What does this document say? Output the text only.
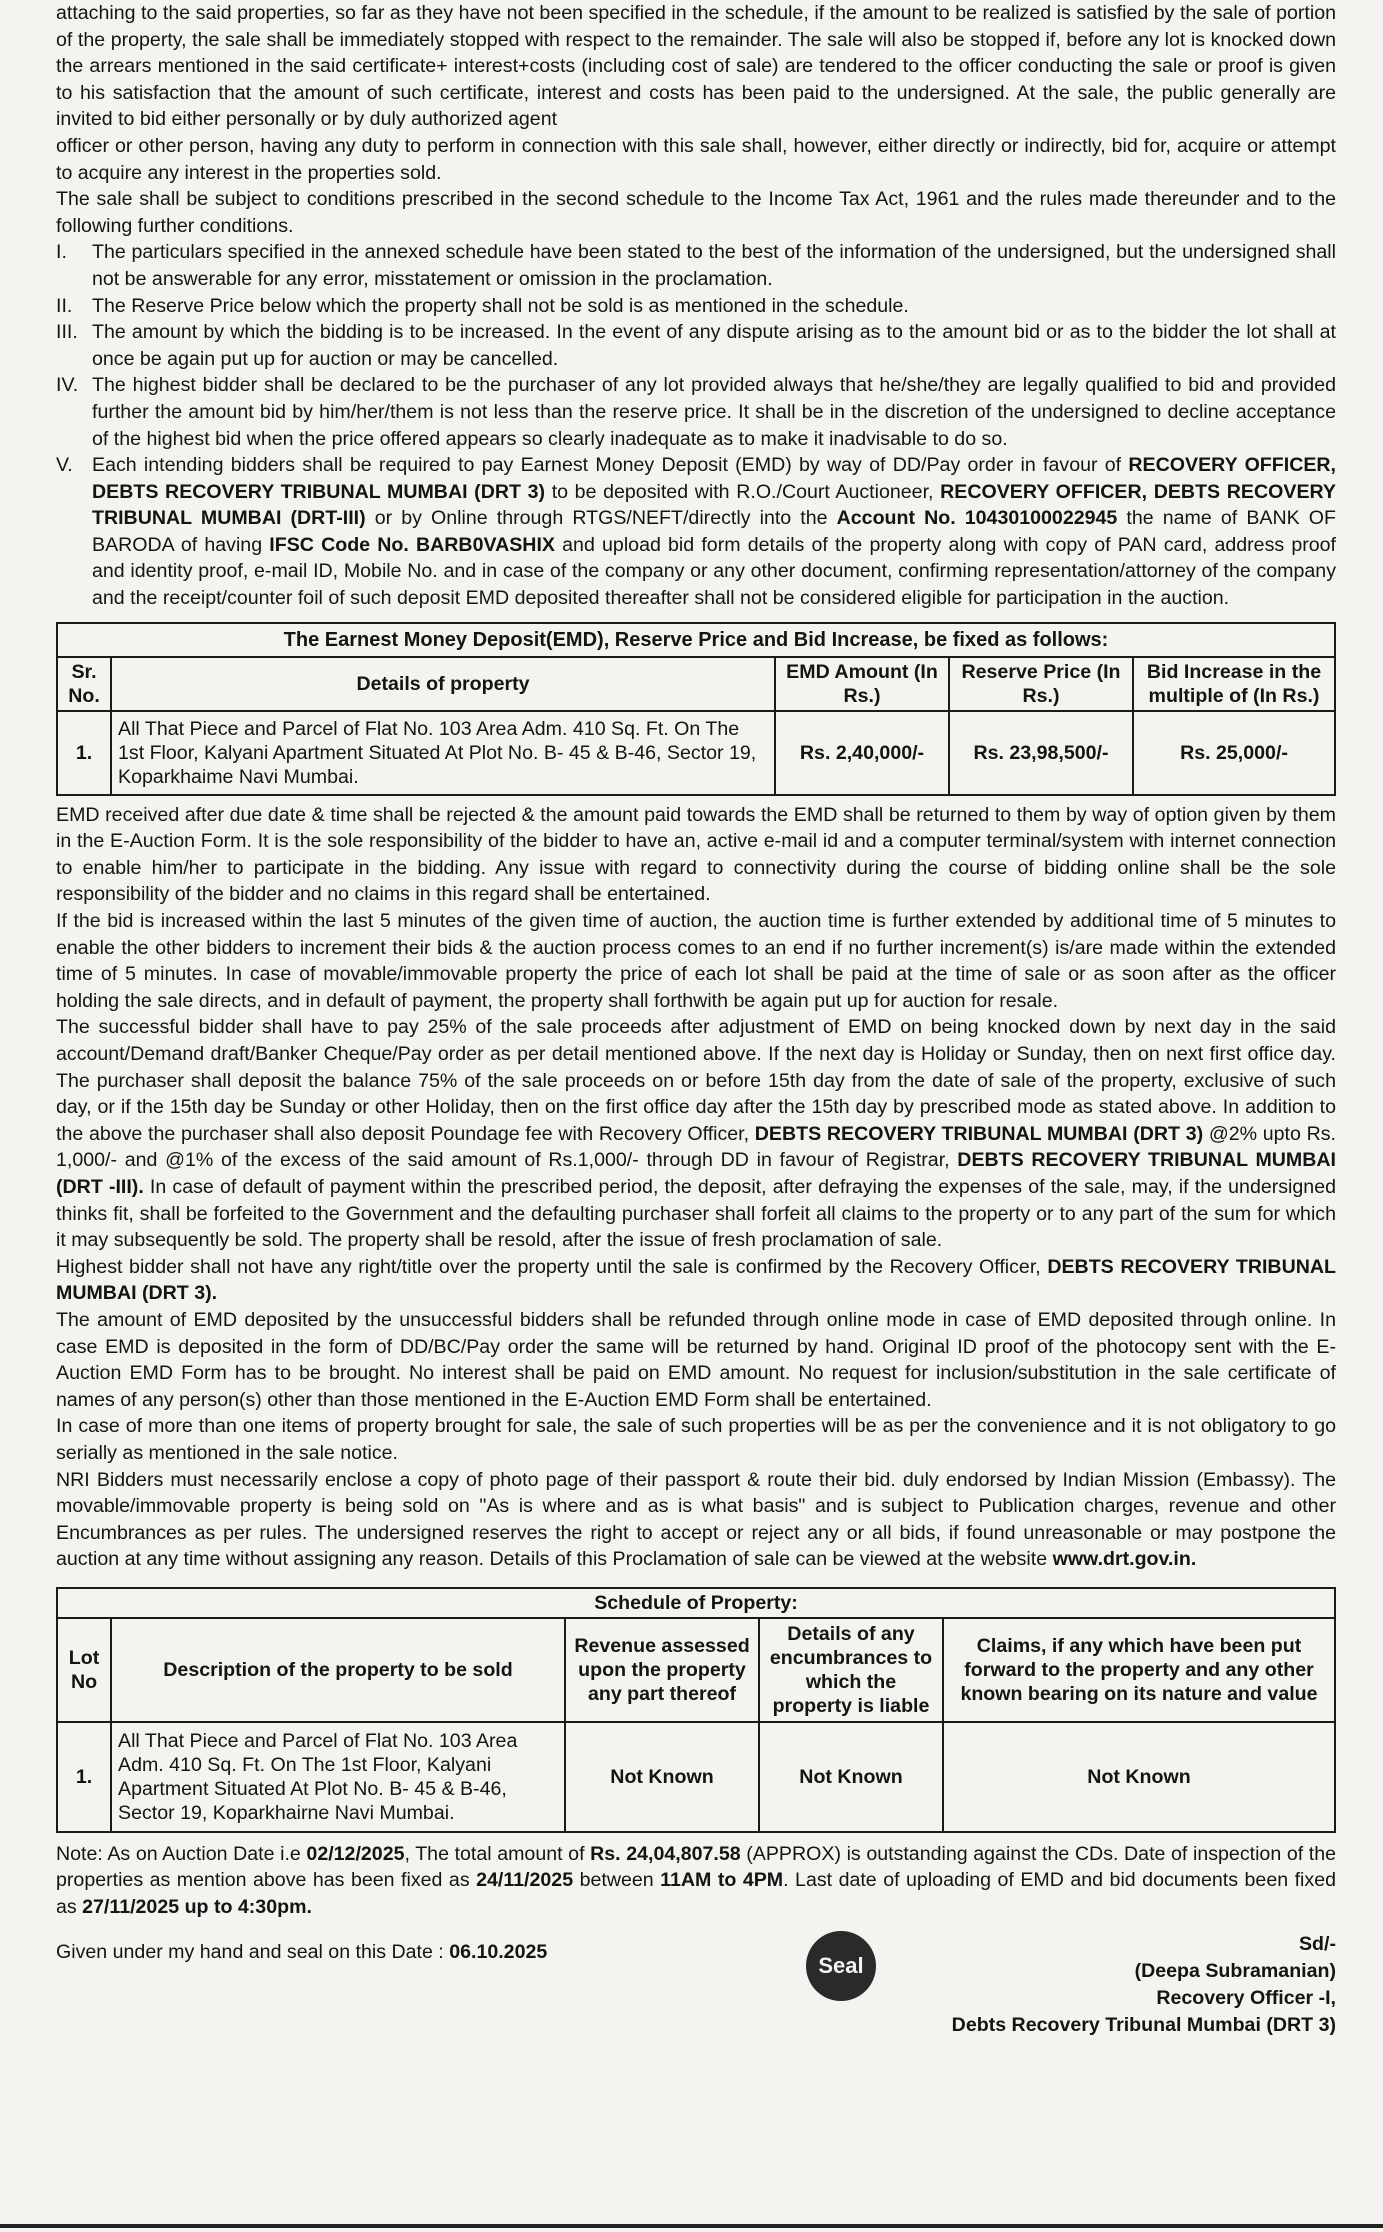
attaching to the said properties, so far as they have not been specified in the schedule, if the amount to be realized is satisfied by the sale of portion of the property, the sale shall be immediately stopped with respect to the remainder. The sale will also be stopped if, before any lot is knocked down the arrears mentioned in the said certificate+ interest+costs (including cost of sale) are tendered to the officer conducting the sale or proof is given to his satisfaction that the amount of such certificate, interest and costs has been paid to the undersigned. At the sale, the public generally are invited to bid either personally or by duly authorized agent

officer or other person, having any duty to perform in connection with this sale shall, however, either directly or indirectly, bid for, acquire or attempt to acquire any interest in the properties sold.

The sale shall be subject to conditions prescribed in the second schedule to the Income Tax Act, 1961 and the rules made thereunder and to the following further conditions.

I.	The particulars specified in the annexed schedule have been stated to the best of the information of the undersigned, but the undersigned shall not be answerable for any error, misstatement or omission in the proclamation.
II.	The Reserve Price below which the property shall not be sold is as mentioned in the schedule.
III. The amount by which the bidding is to be increased. In the event of any dispute arising as to the amount bid or as to the bidder the lot shall at once be again put up for auction or may be cancelled.
IV. The highest bidder shall be declared to be the purchaser of any lot provided always that he/she/they are legally qualified to bid and provided further the amount bid by him/her/them is not less than the reserve price. It shall be in the discretion of the undersigned to decline acceptance of the highest bid when the price offered appears so clearly inadequate as to make it inadvisable to do so.
V. Each intending bidders shall be required to pay Earnest Money Deposit (EMD) by way of DD/Pay order in favour of RECOVERY OFFICER, DEBTS RECOVERY TRIBUNAL MUMBAI (DRT 3) to be deposited with R.O./Court Auctioneer, RECOVERY OFFICER, DEBTS RECOVERY TRIBUNAL MUMBAI (DRT-III) or by Online through RTGS/NEFT/directly into the Account No. 10430100022945 the name of BANK OF BARODA of having IFSC Code No. BARB0VASHIX and upload bid form details of the property along with copy of PAN card, address proof and identity proof, e-mail ID, Mobile No. and in case of the company or any other document, confirming representation/attorney of the company and the receipt/counter foil of such deposit EMD deposited thereafter shall not be considered eligible for participation in the auction.
The Earnest Money Deposit(EMD), Reserve Price and Bid Increase, be fixed as follows:				
Sr. No.	Details of property	EMD Amount (In Rs.)	Reserve Price (In Rs.)	Bid Increase in the multiple of (In Rs.)
1.	All That Piece and Parcel of Flat No. 103 Area Adm. 410 Sq. Ft. On The 1st Floor, Kalyani Apartment Situated At Plot No. B- 45 & B-46, Sector 19, Koparkhaime Navi Mumbai.	Rs. 2,40,000/-	Rs. 23,98,500/-	Rs. 25,000/-

EMD received after due date & time shall be rejected & the amount paid towards the EMD shall be returned to them by way of option given by them in the E-Auction Form. It is the sole responsibility of the bidder to have an, active e-mail id and a computer terminal/system with internet connection to enable him/her to participate in the bidding. Any issue with regard to connectivity during the course of bidding online shall be the sole responsibility of the bidder and no claims in this regard shall be entertained.

If the bid is increased within the last 5 minutes of the given time of auction, the auction time is further extended by additional time of 5 minutes to enable the other bidders to increment their bids & the auction process comes to an end if no further increment(s) is/are made within the extended time of 5 minutes. In case of movable/immovable property the price of each lot shall be paid at the time of sale or as soon after as the officer holding the sale directs, and in default of payment, the property shall forthwith be again put up for auction for resale.

The successful bidder shall have to pay 25% of the sale proceeds after adjustment of EMD on being knocked down by next day in the said account/Demand draft/Banker Cheque/Pay order as per detail mentioned above. If the next day is Holiday or Sunday, then on next first office day. The purchaser shall deposit the balance 75% of the sale proceeds on or before 15th day from the date of sale of the property, exclusive of such day, or if the 15th day be Sunday or other Holiday, then on the first office day after the 15th day by prescribed mode as stated above. In addition to the above the purchaser shall also deposit Poundage fee with Recovery Officer, DEBTS RECOVERY TRIBUNAL MUMBAI (DRT 3) @2% upto Rs. 1,000/- and @1% of the excess of the said amount of Rs.1,000/- through DD in favour of Registrar, DEBTS RECOVERY TRIBUNAL MUMBAI (DRT -III). In case of default of payment within the prescribed period, the deposit, after defraying the expenses of the sale, may, if the undersigned thinks fit, shall be forfeited to the Government and the defaulting purchaser shall forfeit all claims to the property or to any part of the sum for which it may subsequently be sold. The property shall be resold, after the issue of fresh proclamation of sale.

Highest bidder shall not have any right/title over the property until the sale is confirmed by the Recovery Officer, DEBTS RECOVERY TRIBUNAL MUMBAI (DRT 3).

The amount of EMD deposited by the unsuccessful bidders shall be refunded through online mode in case of EMD deposited through online. In case EMD is deposited in the form of DD/BC/Pay order the same will be returned by hand. Original ID proof of the photocopy sent with the E-Auction EMD Form has to be brought. No interest shall be paid on EMD amount. No request for inclusion/substitution in the sale certificate of names of any person(s) other than those mentioned in the E-Auction EMD Form shall be entertained.

In case of more than one items of property brought for sale, the sale of such properties will be as per the convenience and it is not obligatory to go serially as mentioned in the sale notice.

NRI Bidders must necessarily enclose a copy of photo page of their passport & route their bid. duly endorsed by Indian Mission (Embassy). The movable/immovable property is being sold on "As is where and as is what basis" and is subject to Publication charges, revenue and other Encumbrances as per rules. The undersigned reserves the right to accept or reject any or all bids, if found unreasonable or may postpone the auction at any time without assigning any reason. Details of this Proclamation of sale can be viewed at the website www.drt.gov.in.

Schedule of Property:				
Lot No	Description of the property to be sold	Revenue assessed upon the property any part thereof	Details of any encumbrances to which the property is liable	Claims, if any which have been put forward to the property and any other known bearing on its nature and value
1.	All That Piece and Parcel of Flat No. 103 Area Adm. 410 Sq. Ft. On The 1st Floor, Kalyani Apartment Situated At Plot No. B- 45 & B-46, Sector 19, Koparkhairne Navi Mumbai.	Not Known	Not Known	Not Known

Note: As on Auction Date i.e 02/12/2025, The total amount of Rs. 24,04,807.58 (APPROX) is outstanding against the CDs. Date of inspection of the properties as mention above has been fixed as 24/11/2025 between 11AM to 4PM. Last date of uploading of EMD and bid documents been fixed as 27/11/2025 up to 4:30pm.

Given under my hand and seal on this Date : 06.10.2025

Seal
Sd/-
(Deepa Subramanian)
Recovery Officer -I,
Debts Recovery Tribunal Mumbai (DRT 3)
